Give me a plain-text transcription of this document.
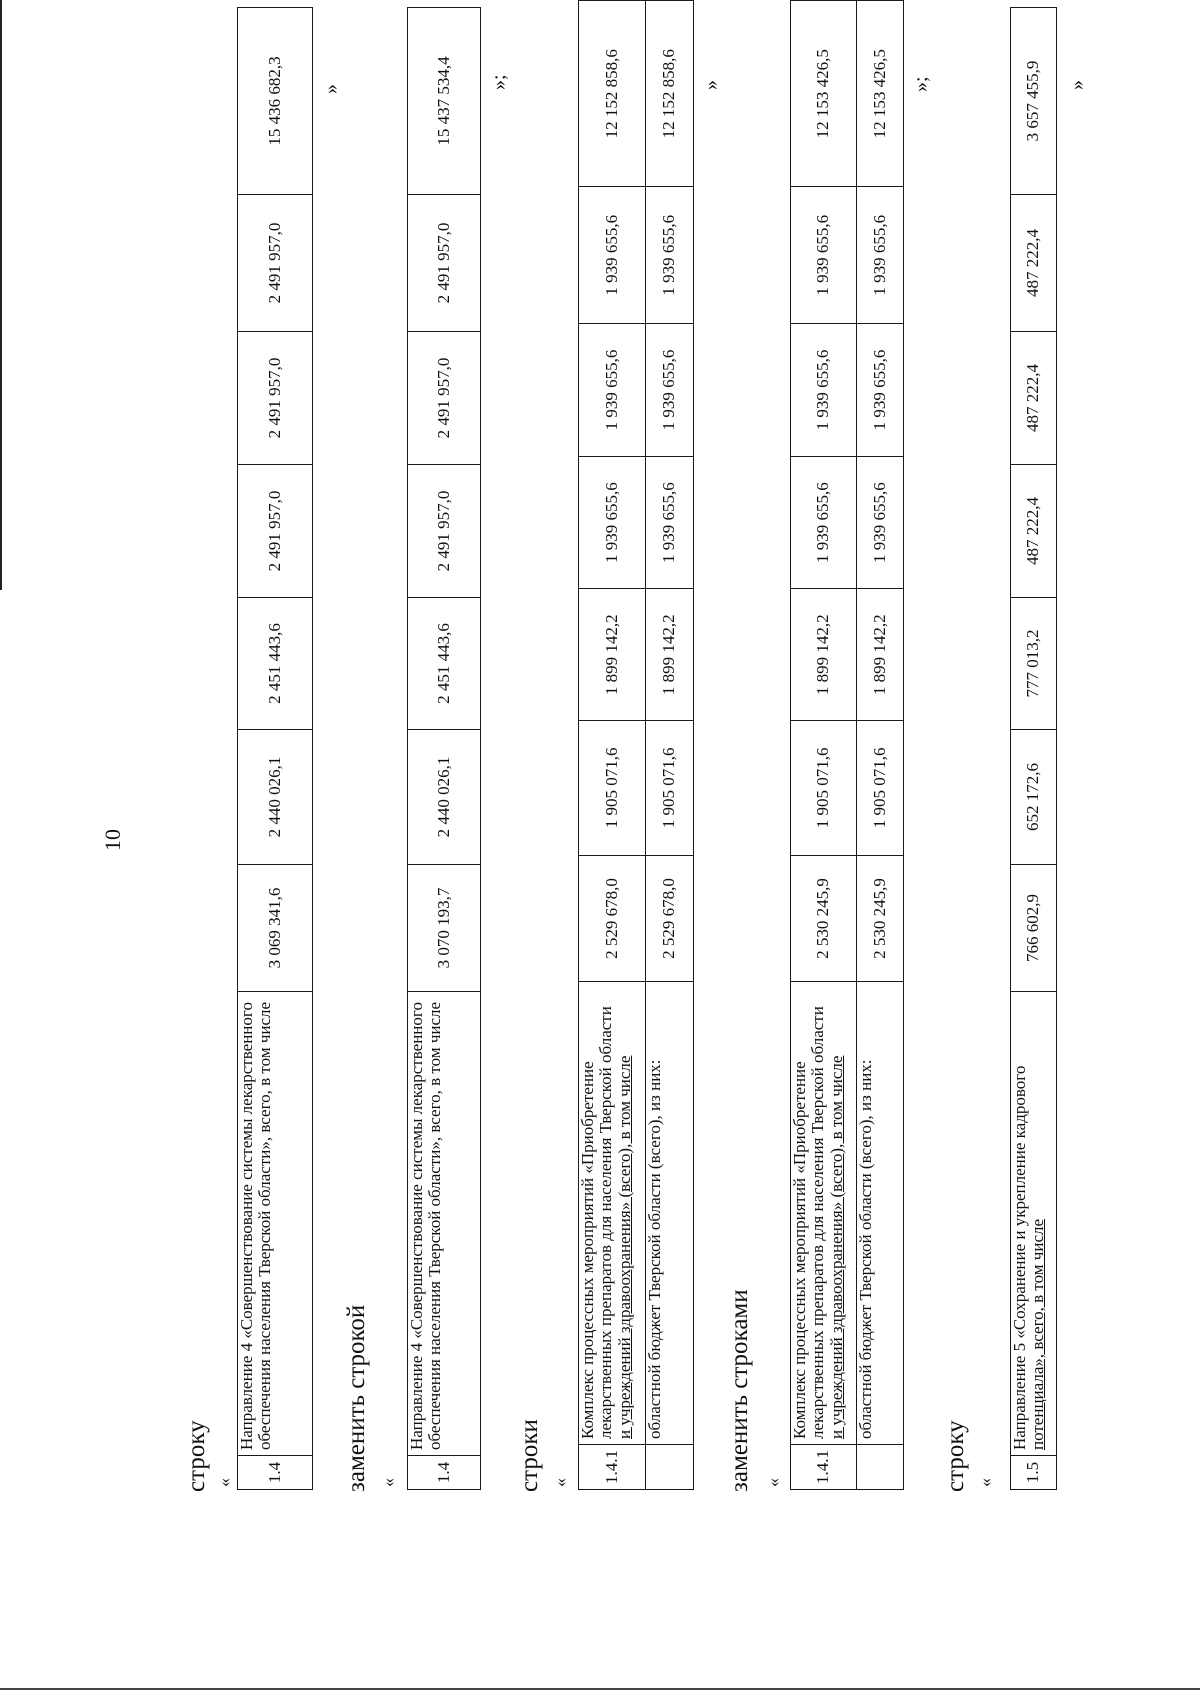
10
строку « 1.4	Направление 4 «Совершенствование системы лекарственного обеспечения населения Тверской области», всего, в том числе	3 069 341,6	2 440 026,1	2 451 443,6	2 491 957,0	2 491 957,0	2 491 957,0	15 436 682,3 »
заменить строкой « 1.4	Направление 4 «Совершенствование системы лекарственного обеспечения населения Тверской области», всего, в том числе	3 070 193,7	2 440 026,1	2 451 443,6	2 491 957,0	2 491 957,0	2 491 957,0	15 437 534,4 »;
строки « 1.4.1	Комплекс процессных мероприятий «Приобретение
лекарственных препаратов для населения Тверской области
и учреждений здравоохранения» (всего), в том числе	2 529 678,0	1 905 071,6	1 899 142,2	1 939 655,6	1 939 655,6	1 939 655,6	12 152 858,6
	областной бюджет Тверской области (всего), из них:	2 529 678,0	1 905 071,6	1 899 142,2	1 939 655,6	1 939 655,6	1 939 655,6	12 152 858,6 »
заменить строками « 1.4.1	Комплекс процессных мероприятий «Приобретение
лекарственных препаратов для населения Тверской области
и учреждений здравоохранения» (всего), в том числе	2 530 245,9	1 905 071,6	1 899 142,2	1 939 655,6	1 939 655,6	1 939 655,6	12 153 426,5
	областной бюджет Тверской области (всего), из них:	2 530 245,9	1 905 071,6	1 899 142,2	1 939 655,6	1 939 655,6	1 939 655,6	12 153 426,5 »;
строку « 1.5	Направление 5 «Сохранение и укрепление кадрового
потенциала», всего, в том числе	766 602,9	652 172,6	777 013,2	487 222,4	487 222,4	487 222,4	3 657 455,9 »
